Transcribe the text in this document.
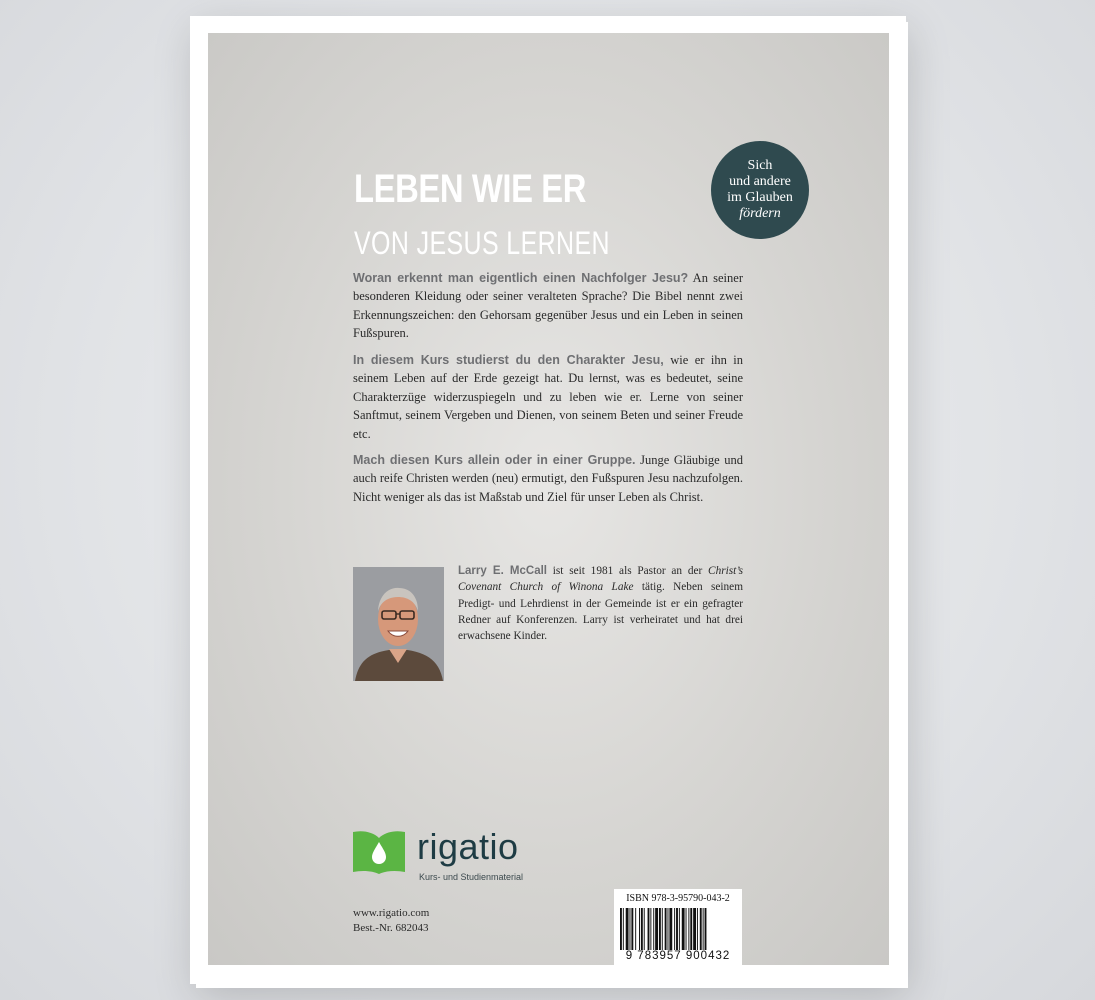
LEBEN WIE ER
VON JESUS LERNEN
Sich
und andere
im Glauben
fördern

Woran erkennt man eigentlich einen Nachfolger Jesu? An seiner besonderen Kleidung oder seiner veralteten Sprache? Die Bibel nennt zwei Erkennungszeichen: den Gehorsam gegenüber Jesus und ein Leben in seinen Fußspuren.

In diesem Kurs studierst du den Charakter Jesu, wie er ihn in seinem Leben auf der Erde gezeigt hat. Du lernst, was es bedeutet, seine Charakterzüge widerzuspiegeln und zu leben wie er. Lerne von seiner Sanftmut, seinem Vergeben und Dienen, von seinem Beten und seiner Freude etc.

Mach diesen Kurs allein oder in einer Gruppe. Junge Gläubige und auch reife Christen werden (neu) ermutigt, den Fußspuren Jesu nachzufolgen. Nicht weniger als das ist Maßstab und Ziel für unser Leben als Christ.

Larry E. McCall ist seit 1981 als Pastor an der Christ’s Covenant Church of Winona Lake tätig. Neben seinem Predigt- und Lehrdienst in der Gemeinde ist er ein gefragter Redner auf Konferenzen. Larry ist verheiratet und hat drei erwachsene Kinder.

rigatio

Kurs- und Studienmaterial

www.rigatio.com

Best.-Nr. 682043

ISBN 978-3-95790-043-2

9 783957 900432
